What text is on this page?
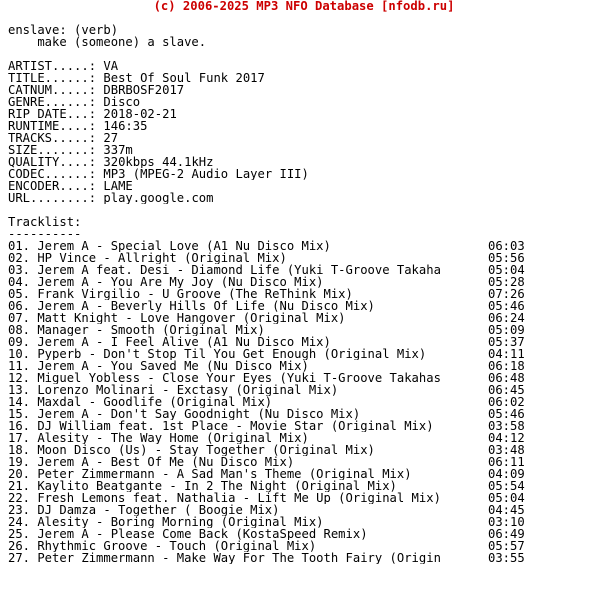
(c) 2006-2025 MP3 NFO Database [nfodb.ru]
enslave: (verb)
make (someone) a slave.
ARTIST.....: VA
TITLE......: Best Of Soul Funk 2017
CATNUM.....: DBRBOSF2017
GENRE......: Disco
RIP DATE...: 2018-02-21
RUNTIME....: 146:35
TRACKS.....: 27
SIZE.......: 337m
QUALITY....: 320kbps 44.1kHz
CODEC......: MP3 (MPEG-2 Audio Layer III)
ENCODER....: LAME
URL........: play.google.com
Tracklist:
----------
01. Jerem A - Special Love (A1 Nu Disco Mix)	06:03
02. HP Vince - Allright (Original Mix)	05:56
03. Jerem A feat. Desi - Diamond Life (Yuki T-Groove Takaha	05:04
04. Jerem A - You Are My Joy (Nu Disco Mix)	05:28
05. Frank Virgilio - U Groove (The ReThink Mix)	07:26
06. Jerem A - Beverly Hills Of Life (Nu Disco Mix)	05:46
07. Matt Knight - Love Hangover (Original Mix)	06:24
08. Manager - Smooth (Original Mix)	05:09
09. Jerem A - I Feel Alive (A1 Nu Disco Mix)	05:37
10. Pyperb - Don't Stop Til You Get Enough (Original Mix)	04:11
11. Jerem A - You Saved Me (Nu Disco Mix)	06:18
12. Miguel Yobless - Close Your Eyes (Yuki T-Groove Takahas	06:48
13. Lorenzo Molinari - Exctasy (Original Mix)	06:45
14. Maxdal - Goodlife (Original Mix)	06:02
15. Jerem A - Don't Say Goodnight (Nu Disco Mix)	05:46
16. DJ William feat. 1st Place - Movie Star (Original Mix)	03:58
17. Alesity - The Way Home (Original Mix)	04:12
18. Moon Disco (Us) - Stay Together (Original Mix)	03:48
19. Jerem A - Best Of Me (Nu Disco Mix)	06:11
20. Peter Zimmermann - A Sad Man's Theme (Original Mix)	04:09
21. Kaylito Beatgante - In 2 The Night (Original Mix)	05:54
22. Fresh Lemons feat. Nathalia - Lift Me Up (Original Mix)	05:04
23. DJ Damza - Together ( Boogie Mix)	04:45
24. Alesity - Boring Morning (Original Mix)	03:10
25. Jerem A - Please Come Back (KostaSpeed Remix)	06:49
26. Rhythmic Groove - Touch (Original Mix)	05:57
27. Peter Zimmermann - Make Way For The Tooth Fairy (Origin	03:55
